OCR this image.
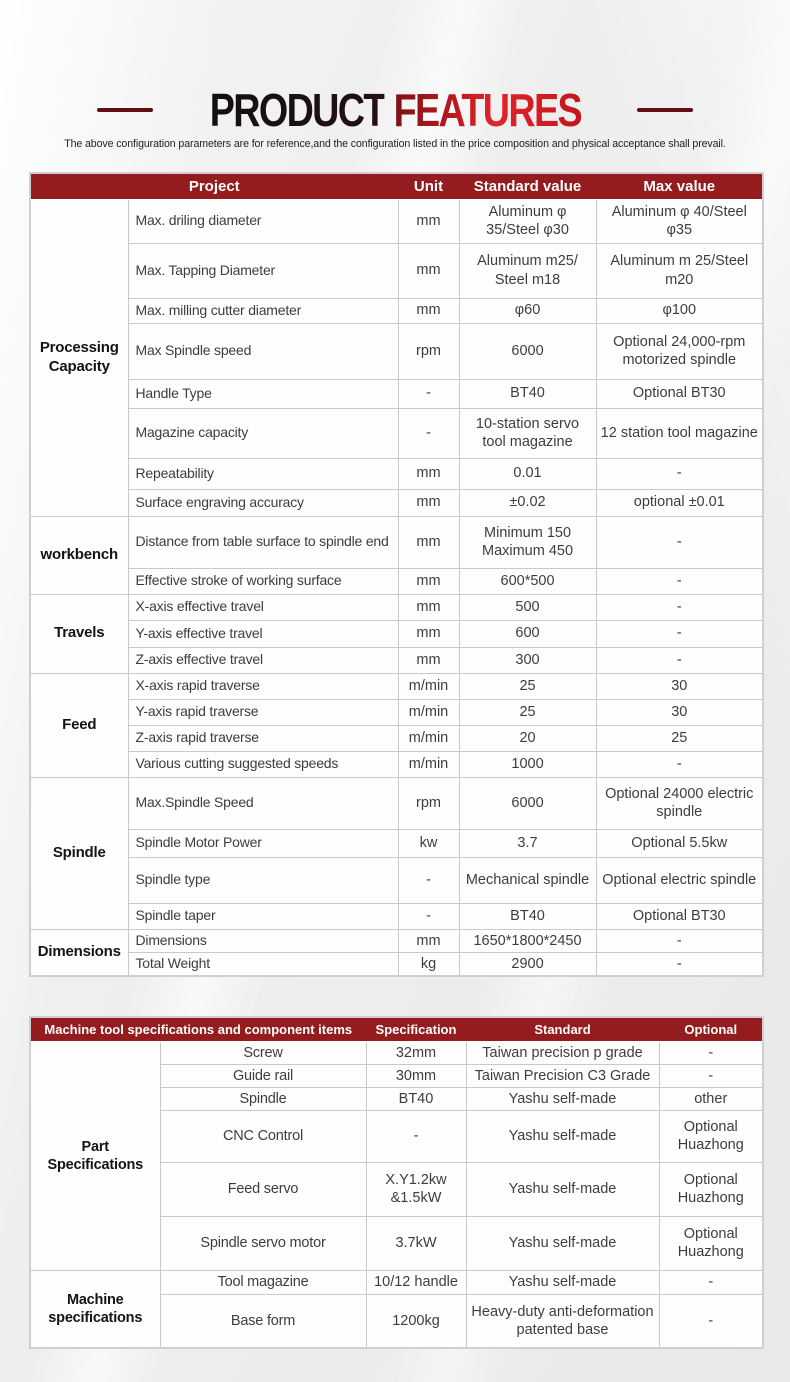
PRODUCT FEATURES
The above configuration parameters are for reference,and the configuration listed in the price composition and physical acceptance shall prevail.
Project		Unit	Standard value	Max value
Processing Capacity	Max. driling diameter	mm	Aluminum φ 35/Steel φ30	Aluminum φ 40/Steel φ35
	Max. Tapping Diameter	mm	Aluminum m25/ Steel m18	Aluminum m 25/Steel m20
	Max. milling cutter diameter	mm	φ60	φ100
	Max Spindle speed	rpm	6000	Optional 24,000-rpm motorized spindle
	Handle Type	-	BT40	Optional BT30
	Magazine capacity	-	10-station servo tool magazine	12 station tool magazine
	Repeatability	mm	0.01	-
	Surface engraving accuracy	mm	±0.02	optional ±0.01
workbench	Distance from table surface to spindle end	mm	Minimum 150 Maximum 450	-
	Effective stroke of working surface	mm	600*500	-
Travels	X-axis effective travel	mm	500	-
	Y-axis effective travel	mm	600	-
	Z-axis effective travel	mm	300	-
Feed	X-axis rapid traverse	m/min	25	30
	Y-axis rapid traverse	m/min	25	30
	Z-axis rapid traverse	m/min	20	25
	Various cutting suggested speeds	m/min	1000	-
Spindle	Max.Spindle Speed	rpm	6000	Optional 24000 electric spindle
	Spindle Motor Power	kw	3.7	Optional 5.5kw
	Spindle type	-	Mechanical spindle	Optional electric spindle
	Spindle taper	-	BT40	Optional BT30
Dimensions	Dimensions	mm	1650*1800*2450	-
	Total Weight	kg	2900	-
Machine tool specifications and component items		Specification	Standard	Optional
Part Specifications	Screw	32mm	Taiwan precision p grade	-
	Guide rail	30mm	Taiwan Precision C3 Grade	-
	Spindle	BT40	Yashu self-made	other
	CNC Control	-	Yashu self-made	Optional Huazhong
	Feed servo	X.Y1.2kw &1.5kW	Yashu self-made	Optional Huazhong
	Spindle servo motor	3.7kW	Yashu self-made	Optional Huazhong
Machine specifications	Tool magazine	10/12 handle	Yashu self-made	-
	Base form	1200kg	Heavy-duty anti-deformation patented base	-
